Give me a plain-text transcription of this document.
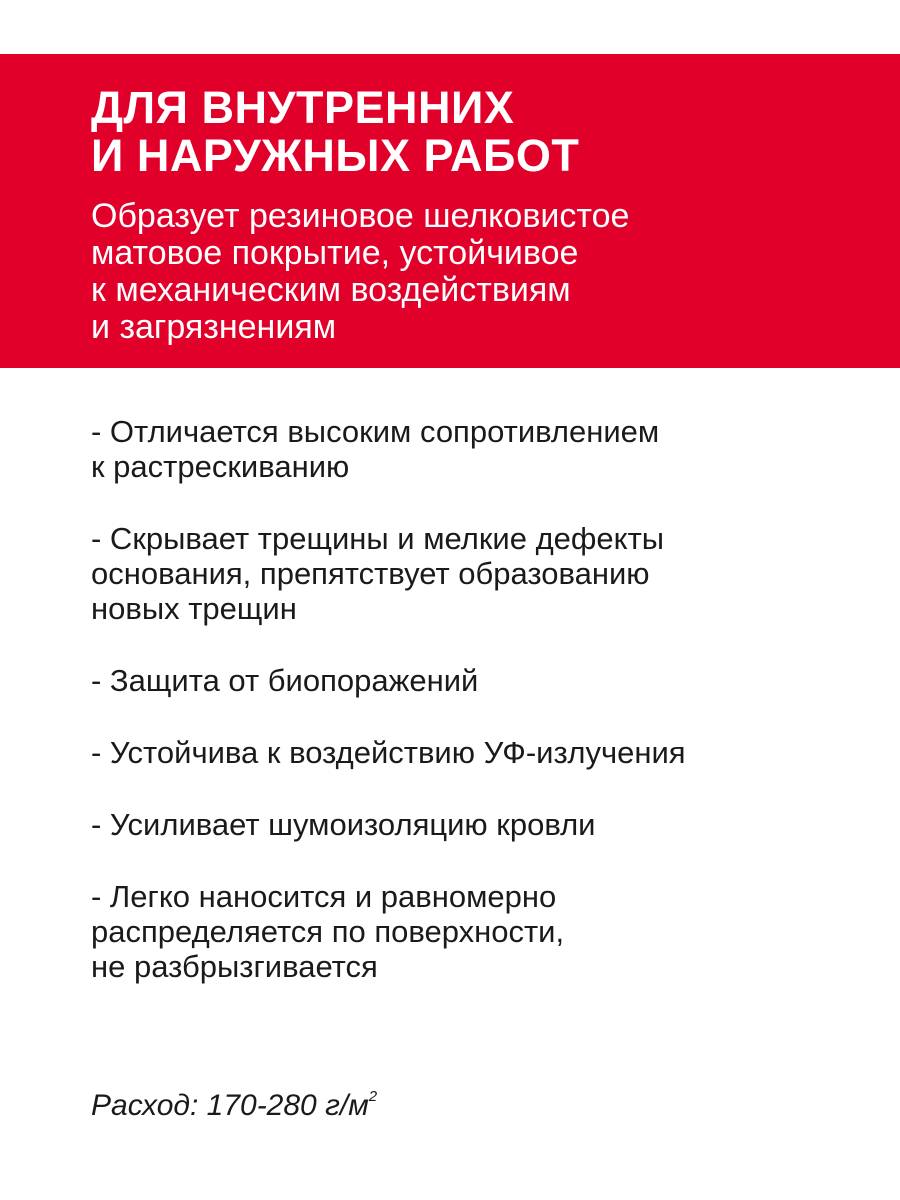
ДЛЯ ВНУТРЕННИХ
И НАРУЖНЫХ РАБОТ

Образует резиновое шелковистое
матовое покрытие, устойчивое
к механическим воздействиям
и загрязнениям

- Отличается высоким сопротивлением
к растрескиванию
- Скрывает трещины и мелкие дефекты
основания, препятствует образованию
новых трещин
- Защита от биопоражений
- Устойчива к воздействию УФ-излучения
- Усиливает шумоизоляцию кровли
- Легко наносится и равномерно
распределяется по поверхности,
не разбрызгивается

Расход: 170-280 $г/м^2$
